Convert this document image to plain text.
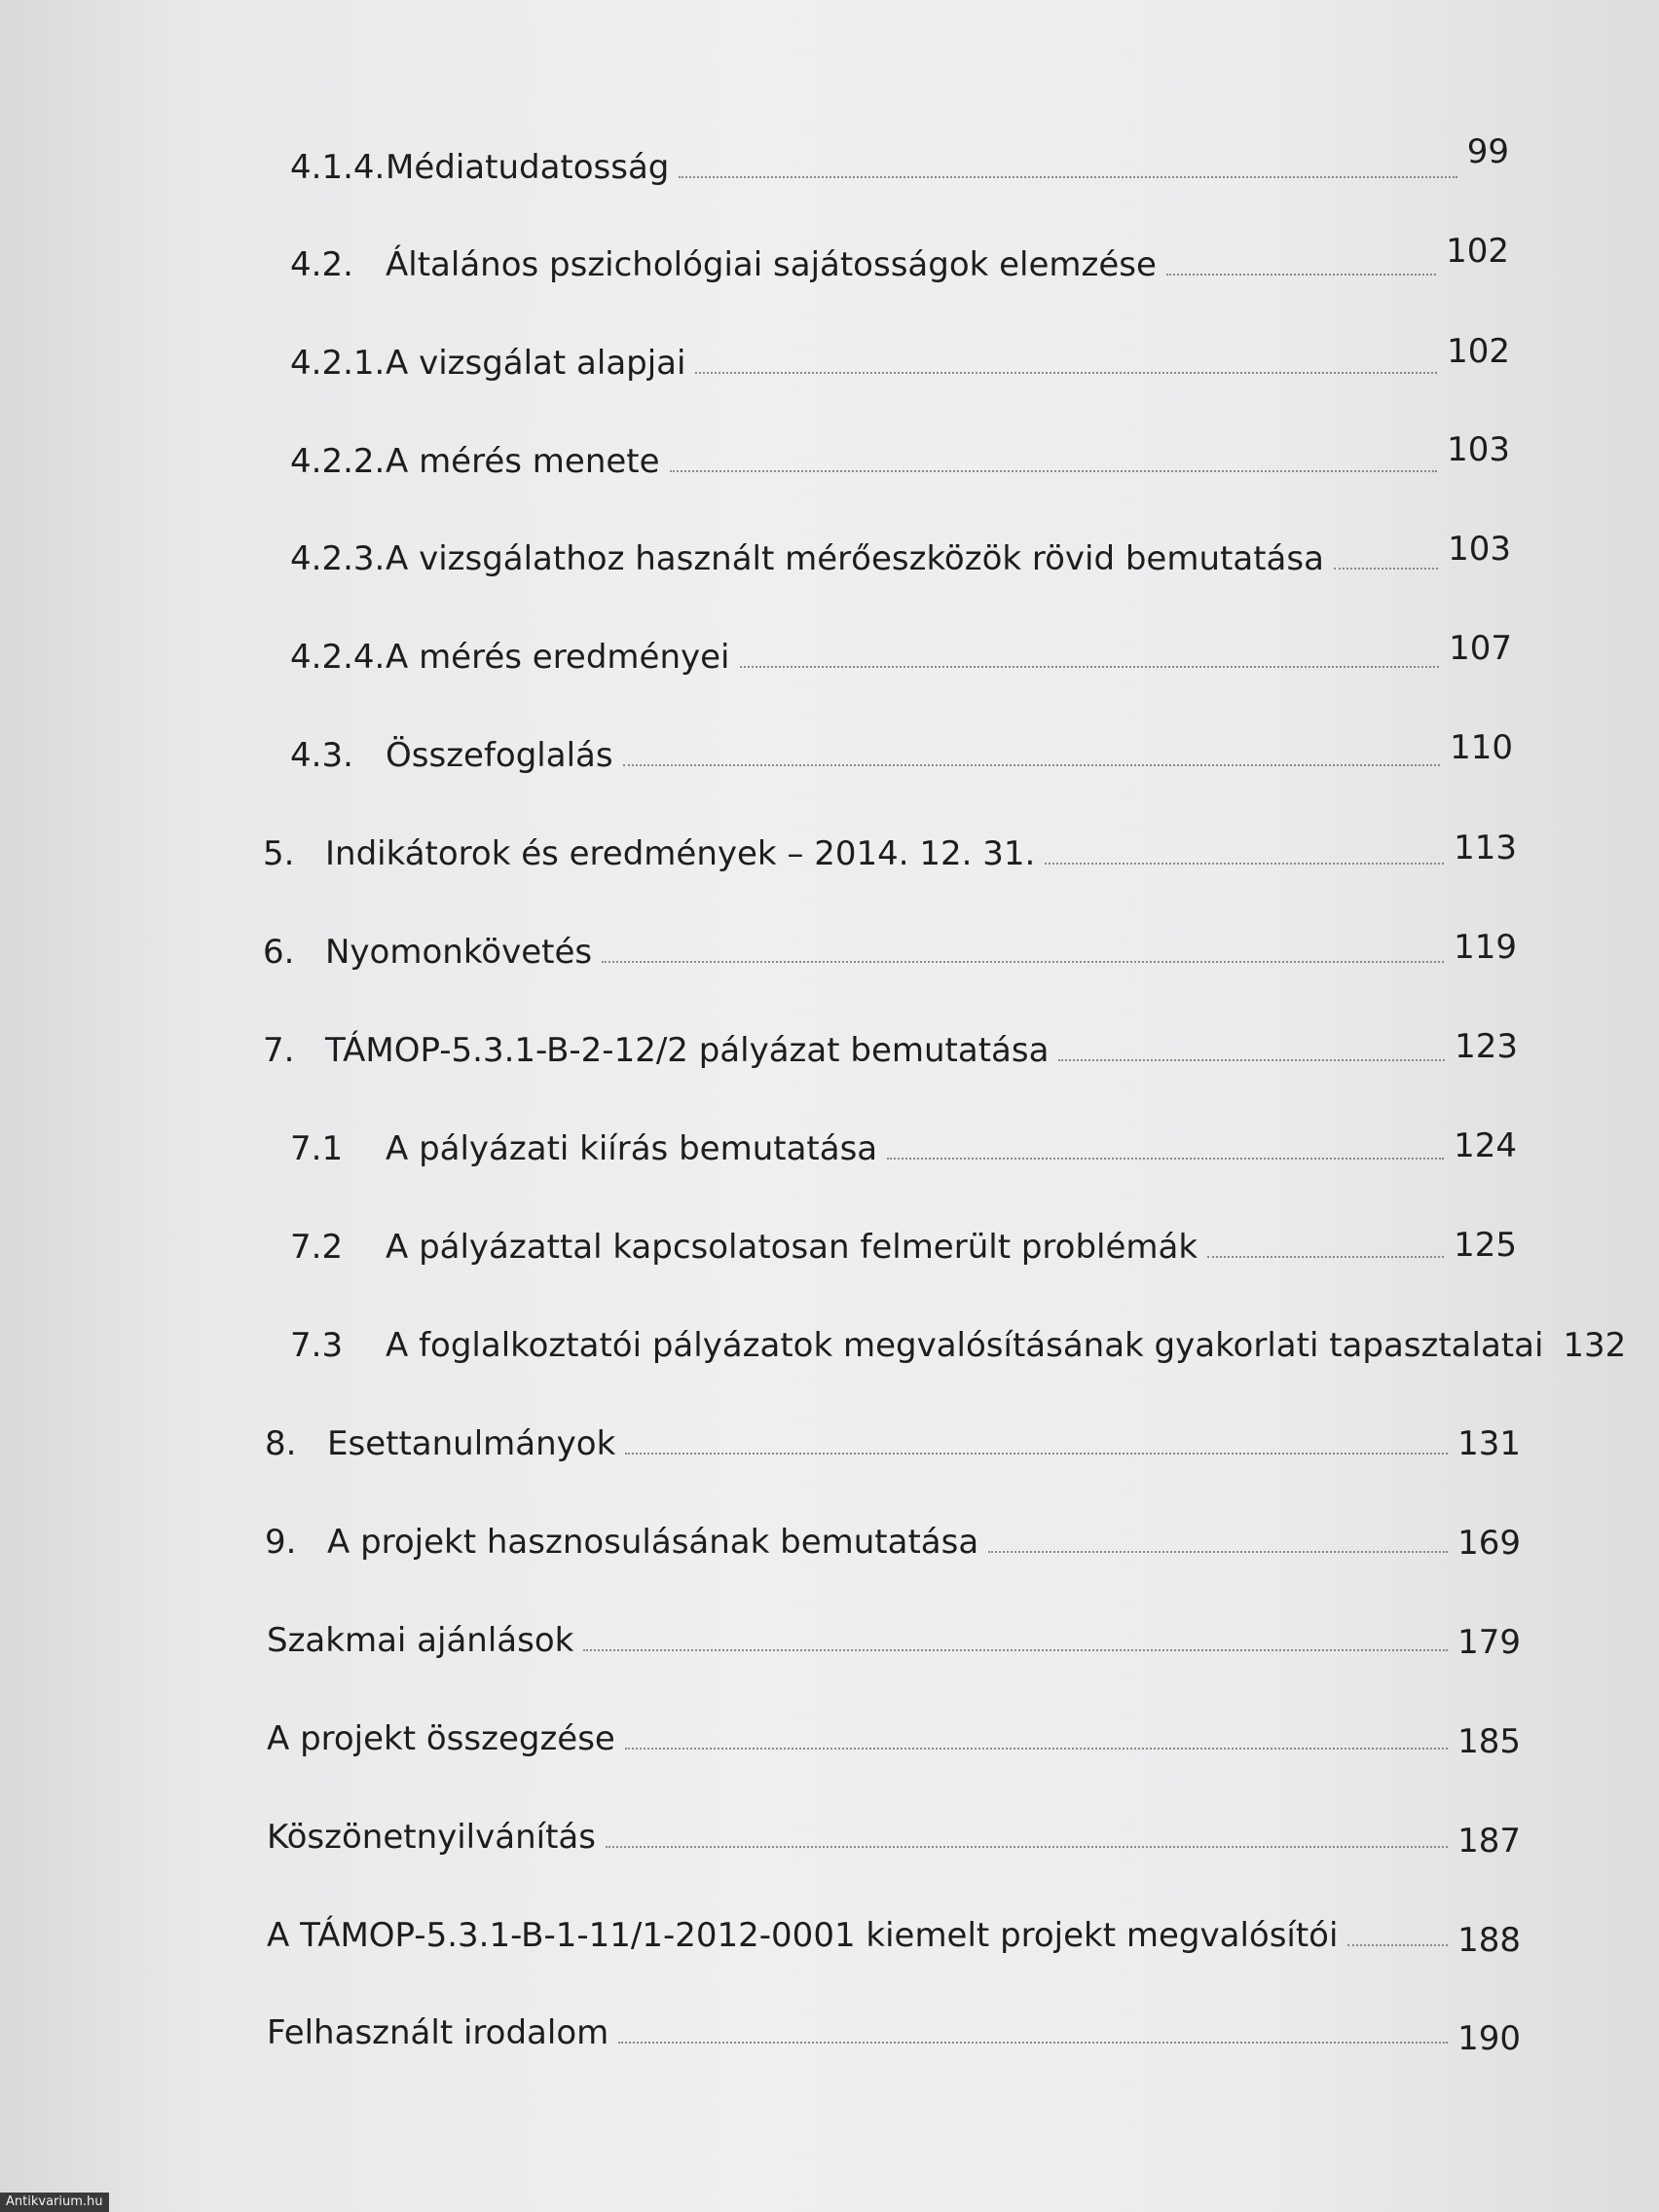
4.1.4. Médiatudatosság	99
4.2. Általános pszichológiai sajátosságok elemzése	102
4.2.1. A vizsgálat alapjai	102
4.2.2. A mérés menete	103
4.2.3. A vizsgálathoz használt mérőeszközök rövid bemutatása	103
4.2.4. A mérés eredményei	107
4.3. Összefoglalás	110
5. Indikátorok és eredmények – 2014. 12. 31.	113
6. Nyomonkövetés	119
7. TÁMOP-5.3.1-B-2-12/2 pályázat bemutatása	123
7.1	A pályázati kiírás bemutatása	124
7.2	A pályázattal kapcsolatosan felmerült problémák	125
7.3	A foglalkoztatói pályázatok megvalósításának gyakorlati tapasztalatai 132
8. Esettanulmányok	131
9. A projekt hasznosulásának bemutatása	169
Szakmai ajánlások	179
A projekt összegzése	185
Köszönetnyilvánítás	187
A TÁMOP-5.3.1-B-1-11/1-2012-0001 kiemelt projekt megvalósítói	188
Felhasznált irodalom	190
Antikvarium.hu
